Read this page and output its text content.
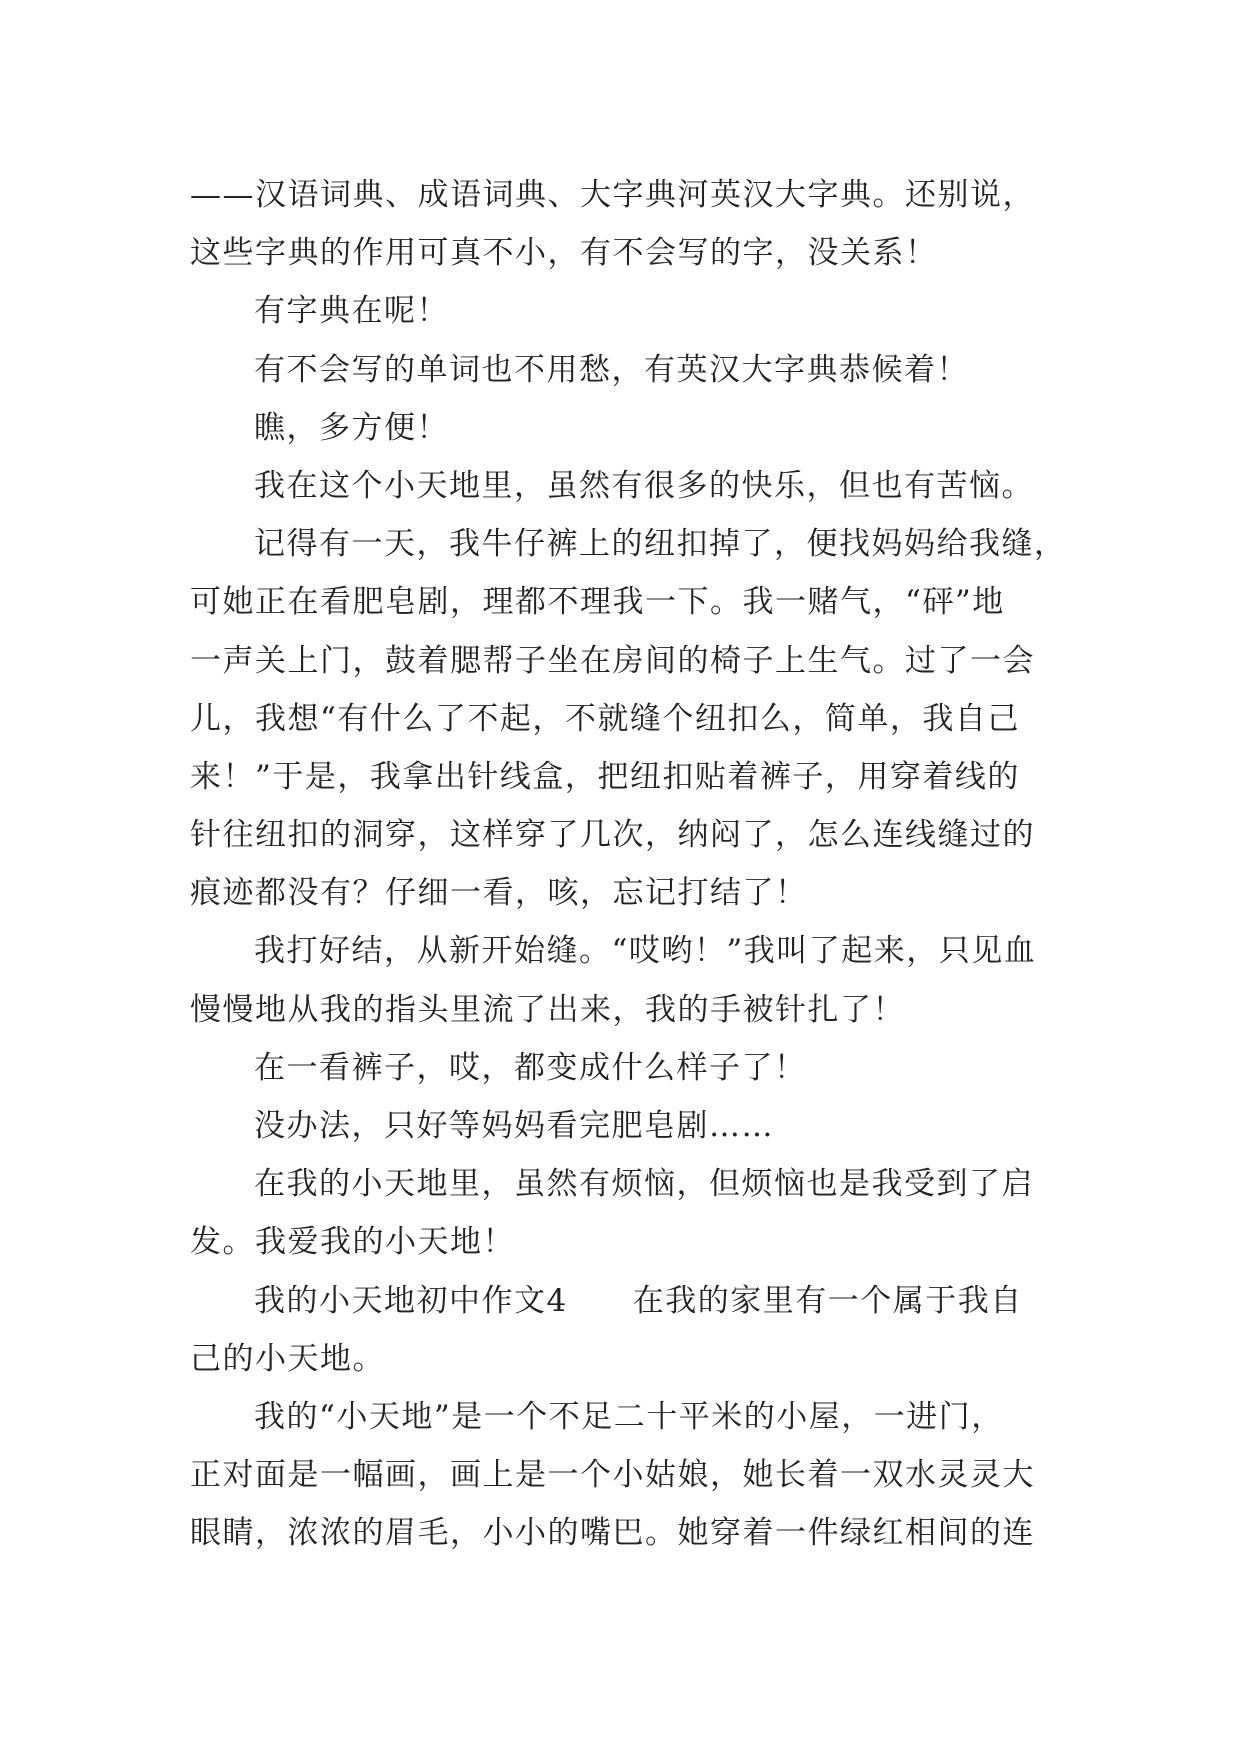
——汉语词典、成语词典、大字典河英汉大字典。还别说，
这些字典的作用可真不小，有不会写的字，没关系！
有字典在呢！
有不会写的单词也不用愁，有英汉大字典恭候着！
瞧，多方便！
我在这个小天地里，虽然有很多的快乐，但也有苦恼。
记得有一天，我牛仔裤上的纽扣掉了，便找妈妈给我缝，
可她正在看肥皂剧，理都不理我一下。我一赌气，“砰”地
一声关上门，鼓着腮帮子坐在房间的椅子上生气。过了一会
儿，我想“有什么了不起，不就缝个纽扣么，简单，我自己
来！”于是，我拿出针线盒，把纽扣贴着裤子，用穿着线的
针往纽扣的洞穿，这样穿了几次，纳闷了，怎么连线缝过的
痕迹都没有？仔细一看，咳，忘记打结了！
我打好结，从新开始缝。“哎哟！”我叫了起来，只见血
慢慢地从我的指头里流了出来，我的手被针扎了！
在一看裤子，哎，都变成什么样子了！
没办法，只好等妈妈看完肥皂剧……
在我的小天地里，虽然有烦恼，但烦恼也是我受到了启
发。我爱我的小天地！
我的小天地初中作文4　　在我的家里有一个属于我自
己的小天地。
我的“小天地”是一个不足二十平米的小屋，一进门，
正对面是一幅画，画上是一个小姑娘，她长着一双水灵灵大
眼睛，浓浓的眉毛，小小的嘴巴。她穿着一件绿红相间的连
